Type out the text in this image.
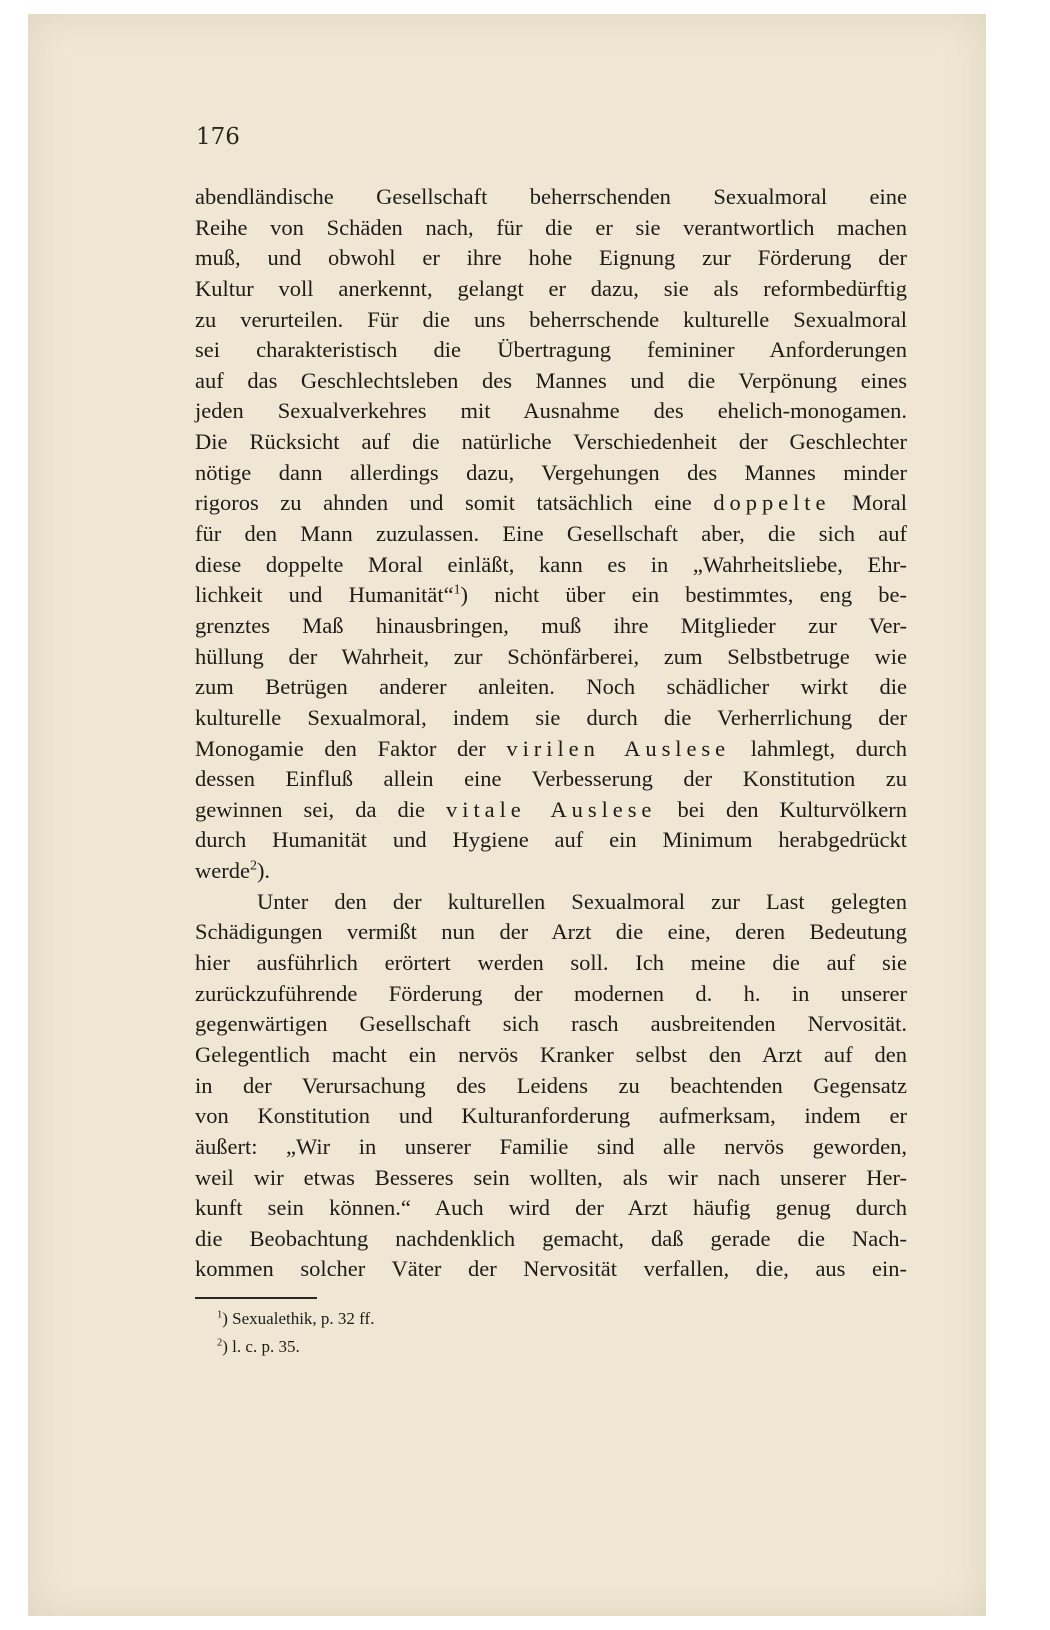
176
abendländische Gesellschaft beherrschenden Sexualmoral eine
Reihe von Schäden nach, für die er sie verantwortlich machen
muß, und obwohl er ihre hohe Eignung zur Förderung der
Kultur voll anerkennt, gelangt er dazu, sie als reformbedürftig
zu verurteilen. Für die uns beherrschende kulturelle Sexualmoral
sei charakteristisch die Übertragung femininer Anforderungen
auf das Geschlechtsleben des Mannes und die Verpönung eines
jeden Sexualverkehres mit Ausnahme des ehelich-monogamen.
Die Rücksicht auf die natürliche Verschiedenheit der Geschlechter
nötige dann allerdings dazu, Vergehungen des Mannes minder
rigoros zu ahnden und somit tatsächlich eine doppelte Moral
für den Mann zuzulassen. Eine Gesellschaft aber, die sich auf
diese doppelte Moral einläßt, kann es in „Wahrheitsliebe, Ehr-
lichkeit und Humanität“$^1$) nicht über ein bestimmtes, eng be-
grenztes Maß hinausbringen, muß ihre Mitglieder zur Ver-
hüllung der Wahrheit, zur Schönfärberei, zum Selbstbetruge wie
zum Betrügen anderer anleiten. Noch schädlicher wirkt die
kulturelle Sexualmoral, indem sie durch die Verherrlichung der
Monogamie den Faktor der virilen Auslese lahmlegt, durch
dessen Einfluß allein eine Verbesserung der Konstitution zu
gewinnen sei, da die vitale Auslese bei den Kulturvölkern
durch Humanität und Hygiene auf ein Minimum herabgedrückt
werde$^2$).
Unter den der kulturellen Sexualmoral zur Last gelegten
Schädigungen vermißt nun der Arzt die eine, deren Bedeutung
hier ausführlich erörtert werden soll. Ich meine die auf sie
zurückzuführende Förderung der modernen d. h. in unserer
gegenwärtigen Gesellschaft sich rasch ausbreitenden Nervosität.
Gelegentlich macht ein nervös Kranker selbst den Arzt auf den
in der Verursachung des Leidens zu beachtenden Gegensatz
von Konstitution und Kulturanforderung aufmerksam, indem er
äußert: „Wir in unserer Familie sind alle nervös geworden,
weil wir etwas Besseres sein wollten, als wir nach unserer Her-
kunft sein können.“ Auch wird der Arzt häufig genug durch
die Beobachtung nachdenklich gemacht, daß gerade die Nach-
kommen solcher Väter der Nervosität verfallen, die, aus ein-
$^1$) Sexualethik, p. 32 ff.
$^2$) l. c. p. 35.
